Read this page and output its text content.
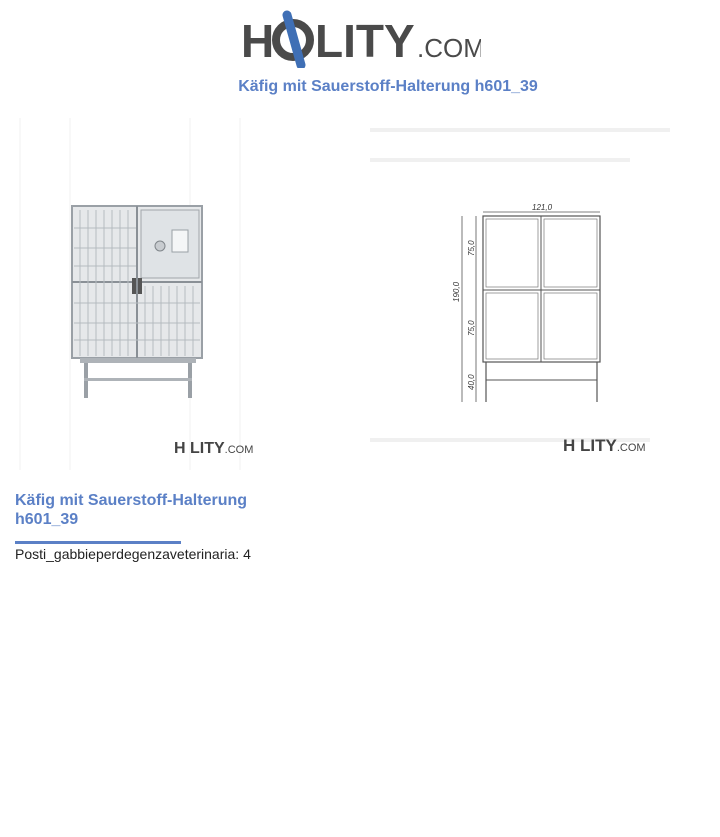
H LITY .COM
Käfig mit Sauerstoff-Halterung h601_39
H LITY.COM
121,0
190,0
75,0
75,0
40,0
H LITY.COM
Käfig mit Sauerstoff-Halterung h601_39
Posti_gabbieperdegenzaveterinaria: 4
